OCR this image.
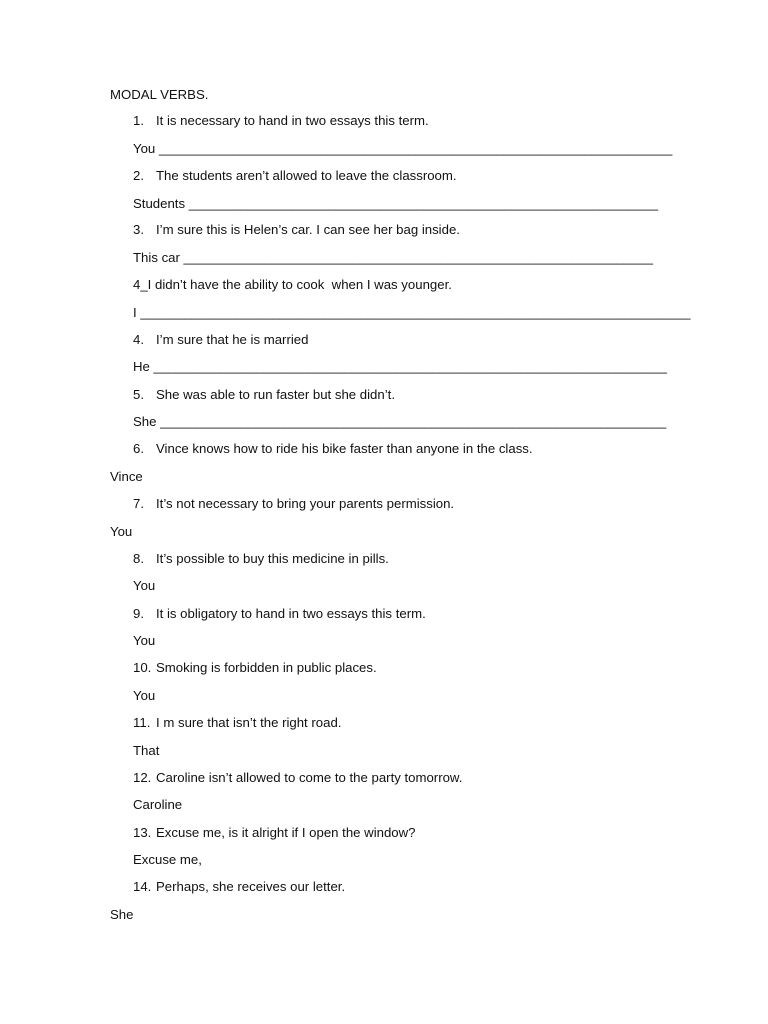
MODAL VERBS.
1. It is necessary to hand in two essays this term.
You ______________________________________________________________________
2. The students aren’t allowed to leave the classroom.
Students ________________________________________________________________
3. I’m sure this is Helen’s car. I can see her bag inside.
This car ________________________________________________________________
4_I didn’t have the ability to cook  when I was younger.
I ___________________________________________________________________________
4. I’m sure that he is married
He ______________________________________________________________________
5. She was able to run faster but she didn’t.
She _____________________________________________________________________
6. Vince knows how to ride his bike faster than anyone in the class.
Vince
7. It’s not necessary to bring your parents permission.
You
8. It’s possible to buy this medicine in pills.
You
9. It is obligatory to hand in two essays this term.
You
10. Smoking is forbidden in public places.
You
11. I m sure that isn’t the right road.
That
12. Caroline isn’t allowed to come to the party tomorrow.
Caroline
13. Excuse me, is it alright if I open the window?
Excuse me,
14. Perhaps, she receives our letter.
She
